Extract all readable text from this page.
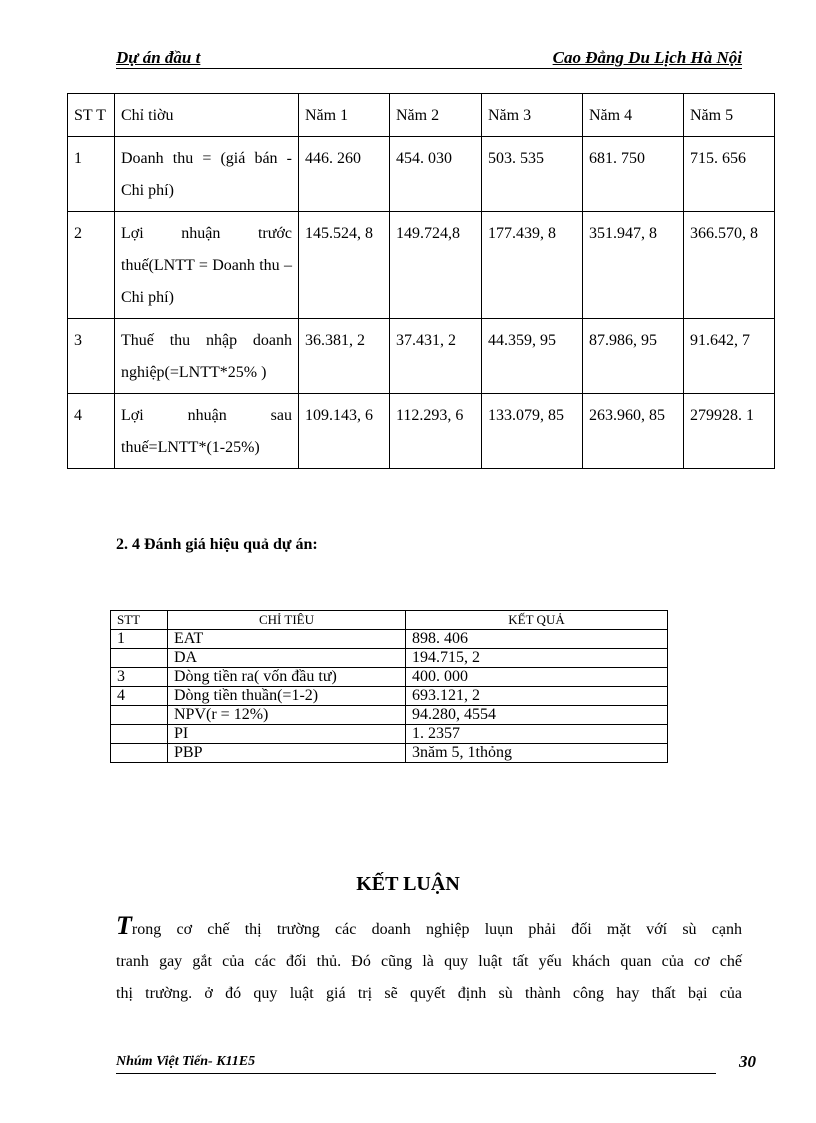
Dự án đầu t	Cao Đẳng Du Lịch Hà Nội
ST T	Chỉ tiờu	Năm 1	Năm 2	Năm 3	Năm 4	Năm 5
1	Doanh thu = (giá bán - Chi phí)	446. 260	454. 030	503. 535	681. 750	715. 656
2	Lợi nhuận trước thuế(LNTT = Doanh thu –Chi phí)	145.524, 8	149.724,8	177.439, 8	351.947, 8	366.570, 8
3	Thuế thu nhập doanh nghiệp(=LNTT*25% )	36.381, 2	37.431, 2	44.359, 95	87.986, 95	91.642, 7
4	Lợi nhuận sau thuế=LNTT*(1-25%)	109.143, 6	112.293, 6	133.079, 85	263.960, 85	279928. 1
2. 4 Đánh giá hiệu quả dự án:
STT	CHỈ TIÊU	KẾT QUẢ
1	EAT	898. 406
	DA	194.715, 2
3	Dòng tiền ra( vốn đầu tư)	400. 000
4	Dòng tiền thuần(=1-2)	693.121, 2
	NPV(r = 12%)	94.280, 4554
	PI	1. 2357
	PBP	3năm 5, 1thỏng
KẾT LUẬN
Trong cơ chế thị trường các doanh nghiệp luụn phải đối mặt vớí sù cạnh
tranh gay gắt của các đối thủ. Đó cũng là quy luật tất yếu khách quan của cơ chế
thị trường. ở đó quy luật giá trị sẽ quyết định sù thành công hay thất bại của
Nhúm Việt Tiến- K11E5	30
